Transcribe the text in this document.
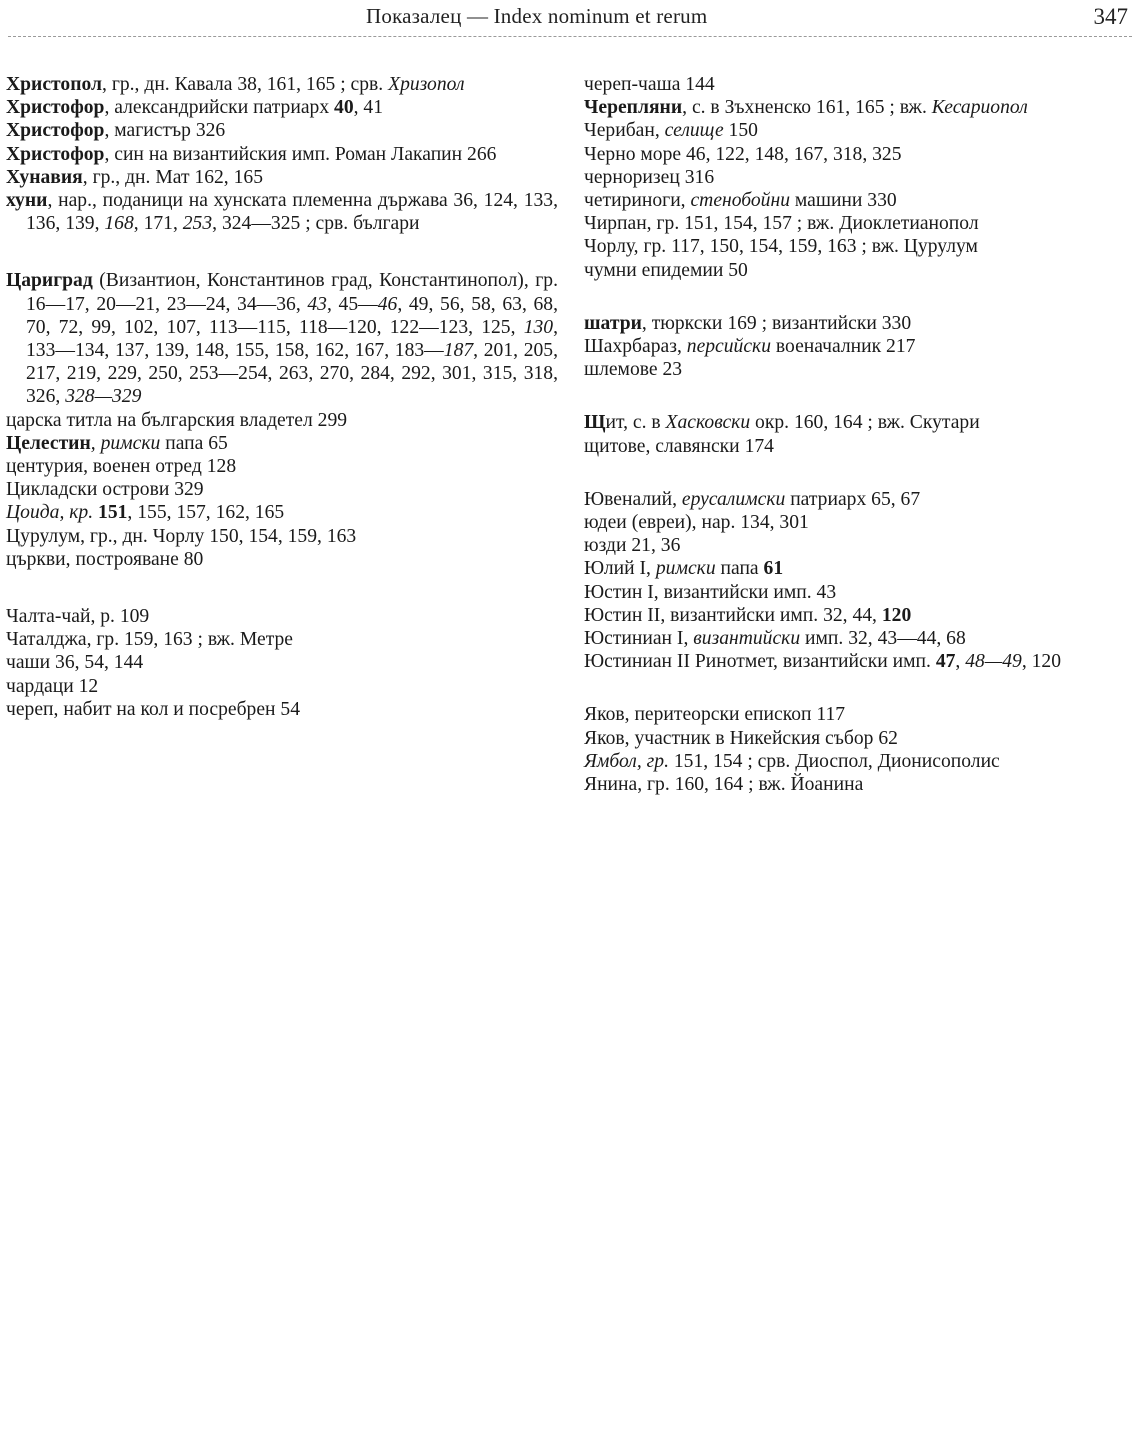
Показалец — Index nominum et rerum	347
Христопол, гр., дн. Кавала 38, 161, 165 ; срв. Хризопол
Христофор, александрийски патриарх 40, 41
Христофор, магистър 326
Христофор, син на византийския имп. Роман Лакапин 266
Хунавия, гр., дн. Мат 162, 165
хуни, нар., поданици на хунската племенна държава 36, 124, 133, 136, 139, 168, 171, 253, 324—325 ; срв. българи
Цариград (Византион, Константинов град, Константинопол), гр. 16—17, 20—21, 23—24, 34—36, 43, 45—46, 49, 56, 58, 63, 68, 70, 72, 99, 102, 107, 113—115, 118—120, 122—123, 125, 130, 133—134, 137, 139, 148, 155, 158, 162, 167, 183—187, 201, 205, 217, 219, 229, 250, 253—254, 263, 270, 284, 292, 301, 315, 318, 326, 328—329
царска титла на българския владетел 299
Целестин, римски папа 65
центурия, военен отред 128
Цикладски острови 329
Цоида, кр. 151, 155, 157, 162, 165
Цурулум, гр., дн. Чорлу 150, 154, 159, 163
църкви, построяване 80
Чалта-чай, р. 109
Чаталджа, гр. 159, 163 ; вж. Метре
чаши 36, 54, 144
чардаци 12
череп, набит на кол и посребрен 54
череп-чаша 144
Черепляни, с. в Зъхненско 161, 165 ; вж. Кесариопол
Черибан, селище 150
Черно море 46, 122, 148, 167, 318, 325
черноризец 316
четириноги, стенобойни машини 330
Чирпан, гр. 151, 154, 157 ; вж. Диоклетианопол
Чорлу, гр. 117, 150, 154, 159, 163 ; вж. Цурулум
чумни епидемии 50
шатри, тюркски 169 ; византийски 330
Шахрбараз, персийски военачалник 217
шлемове 23
Щит, с. в Хасковски окр. 160, 164 ; вж. Скутари
щитове, славянски 174
Ювеналий, ерусалимски патриарх 65, 67
юдеи (евреи), нар. 134, 301
юзди 21, 36
Юлий I, римски папа 61
Юстин I, византийски имп. 43
Юстин II, византийски имп. 32, 44, 120
Юстиниан I, византийски имп. 32, 43—44, 68
Юстиниан II Ринотмет, византийски имп. 47, 48—49, 120
Яков, перитеорски епископ 117
Яков, участник в Никейския събор 62
Ямбол, гр. 151, 154 ; срв. Диоспол, Дионисополис
Янина, гр. 160, 164 ; вж. Йоанина
